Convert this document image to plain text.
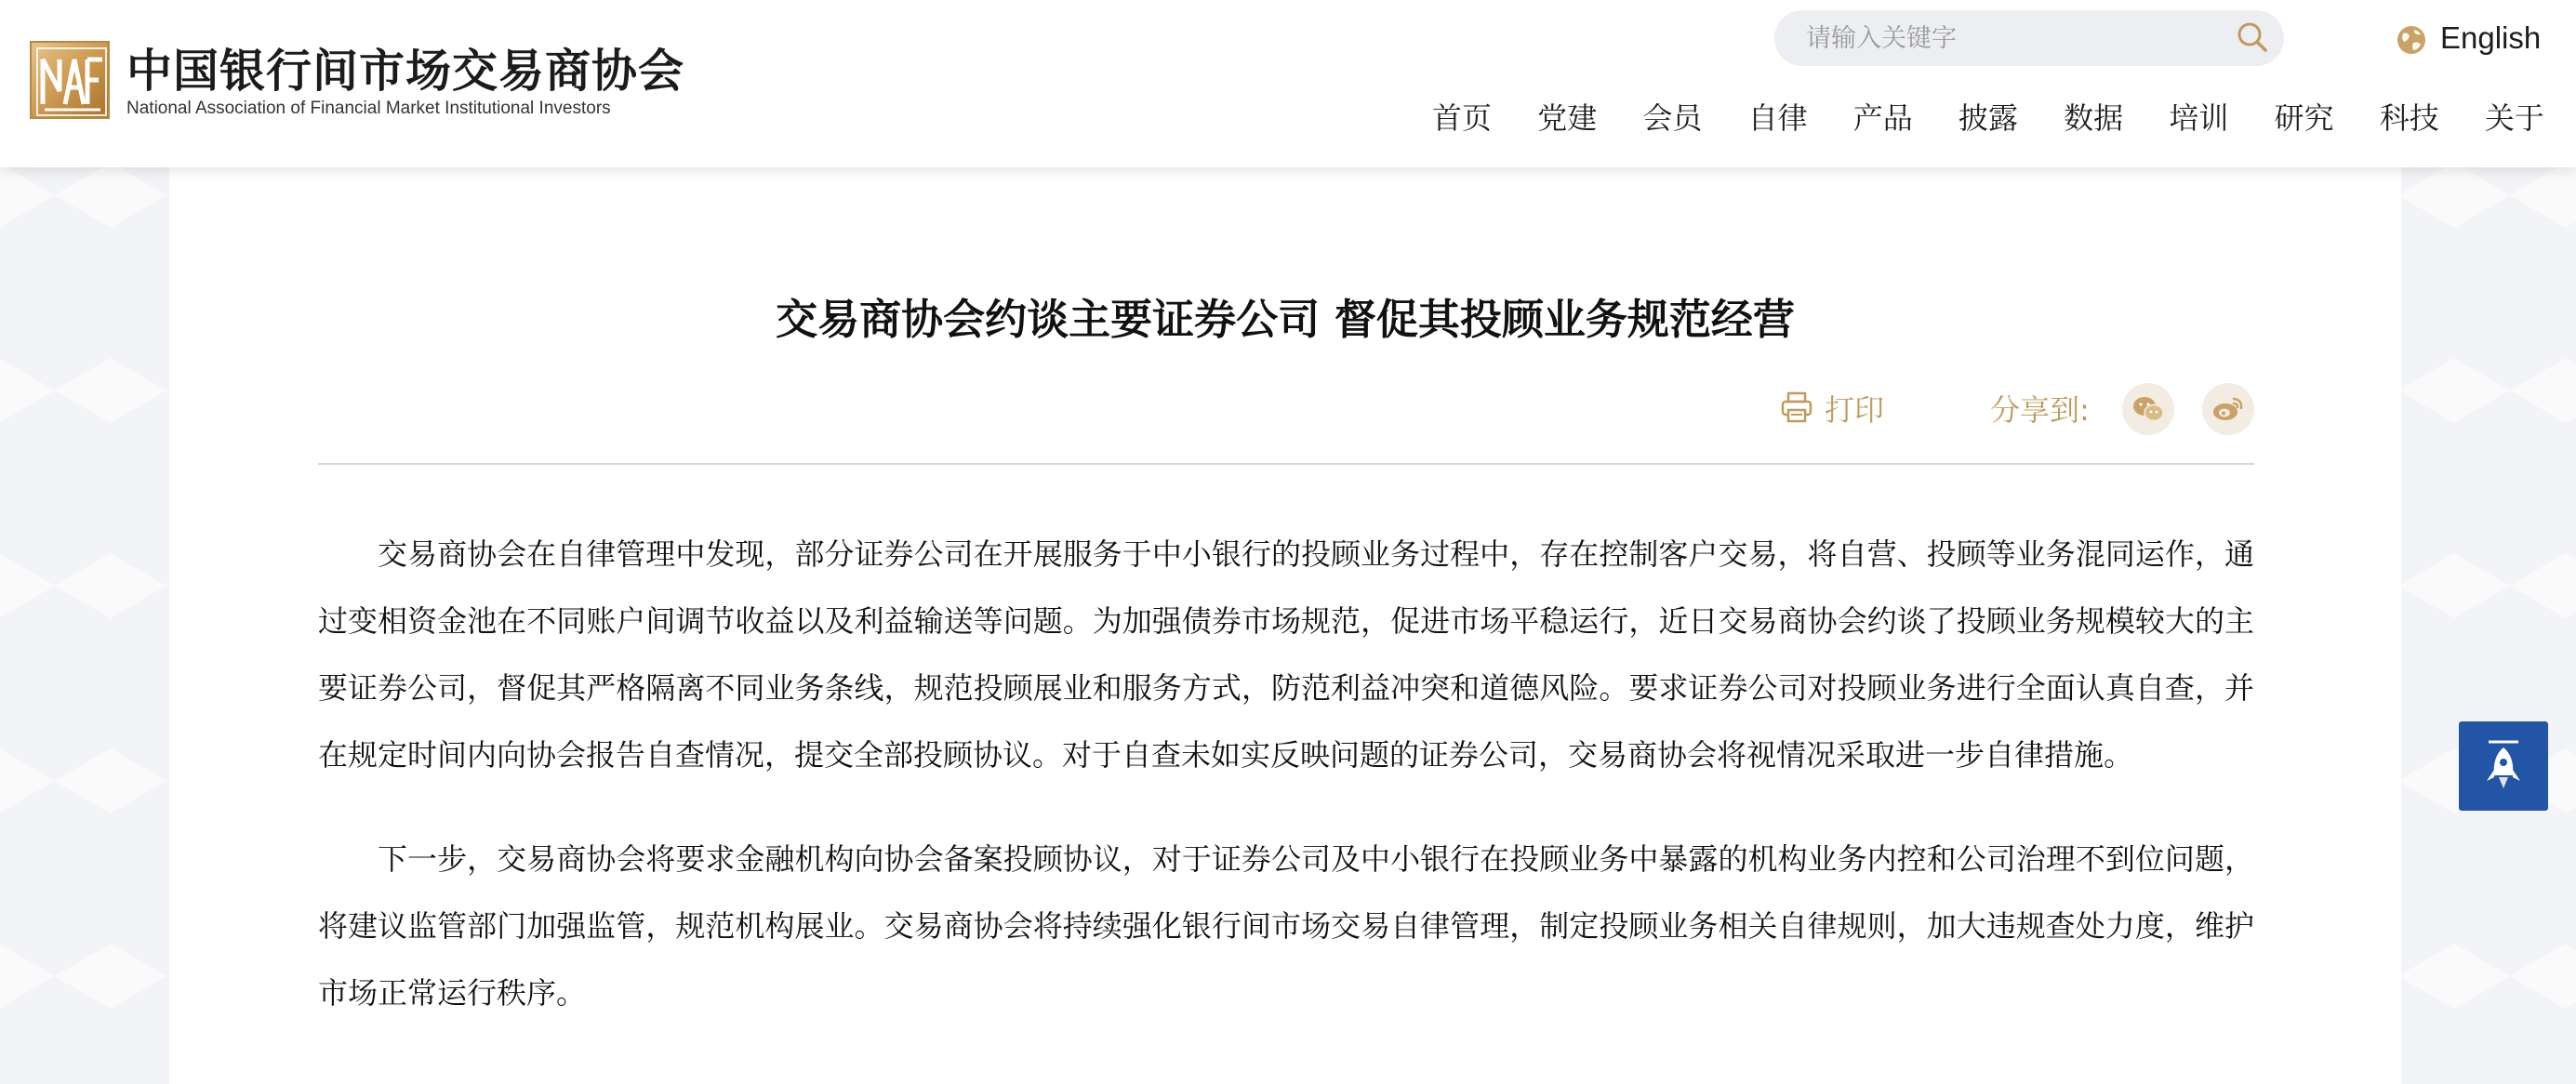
中国银行间市场交易商协会
National Association of Financial Market Institutional Investors
请输入关键字
English
首页 党建 会员 自律 产品 披露 数据 培训 研究 科技 关于
交易商协会约谈主要证券公司 督促其投顾业务规范经营
打印	分享到:

交易商协会在自律管理中发现，部分证券公司在开展服务于中小银行的投顾业务过程中，存在控制客户交易，将自营、投顾等业务混同运作，通过变相资金池在不同账户间调节收益以及利益输送等问题。为加强债券市场规范，促进市场平稳运行，近日交易商协会约谈了投顾业务规模较大的主要证券公司，督促其严格隔离不同业务条线，规范投顾展业和服务方式，防范利益冲突和道德风险。要求证券公司对投顾业务进行全面认真自查，并在规定时间内向协会报告自查情况，提交全部投顾协议。对于自查未如实反映问题的证券公司，交易商协会将视情况采取进一步自律措施。

下一步，交易商协会将要求金融机构向协会备案投顾协议，对于证券公司及中小银行在投顾业务中暴露的机构业务内控和公司治理不到位问题，将建议监管部门加强监管，规范机构展业。交易商协会将持续强化银行间市场交易自律管理，制定投顾业务相关自律规则，加大违规查处力度，维护市场正常运行秩序。
